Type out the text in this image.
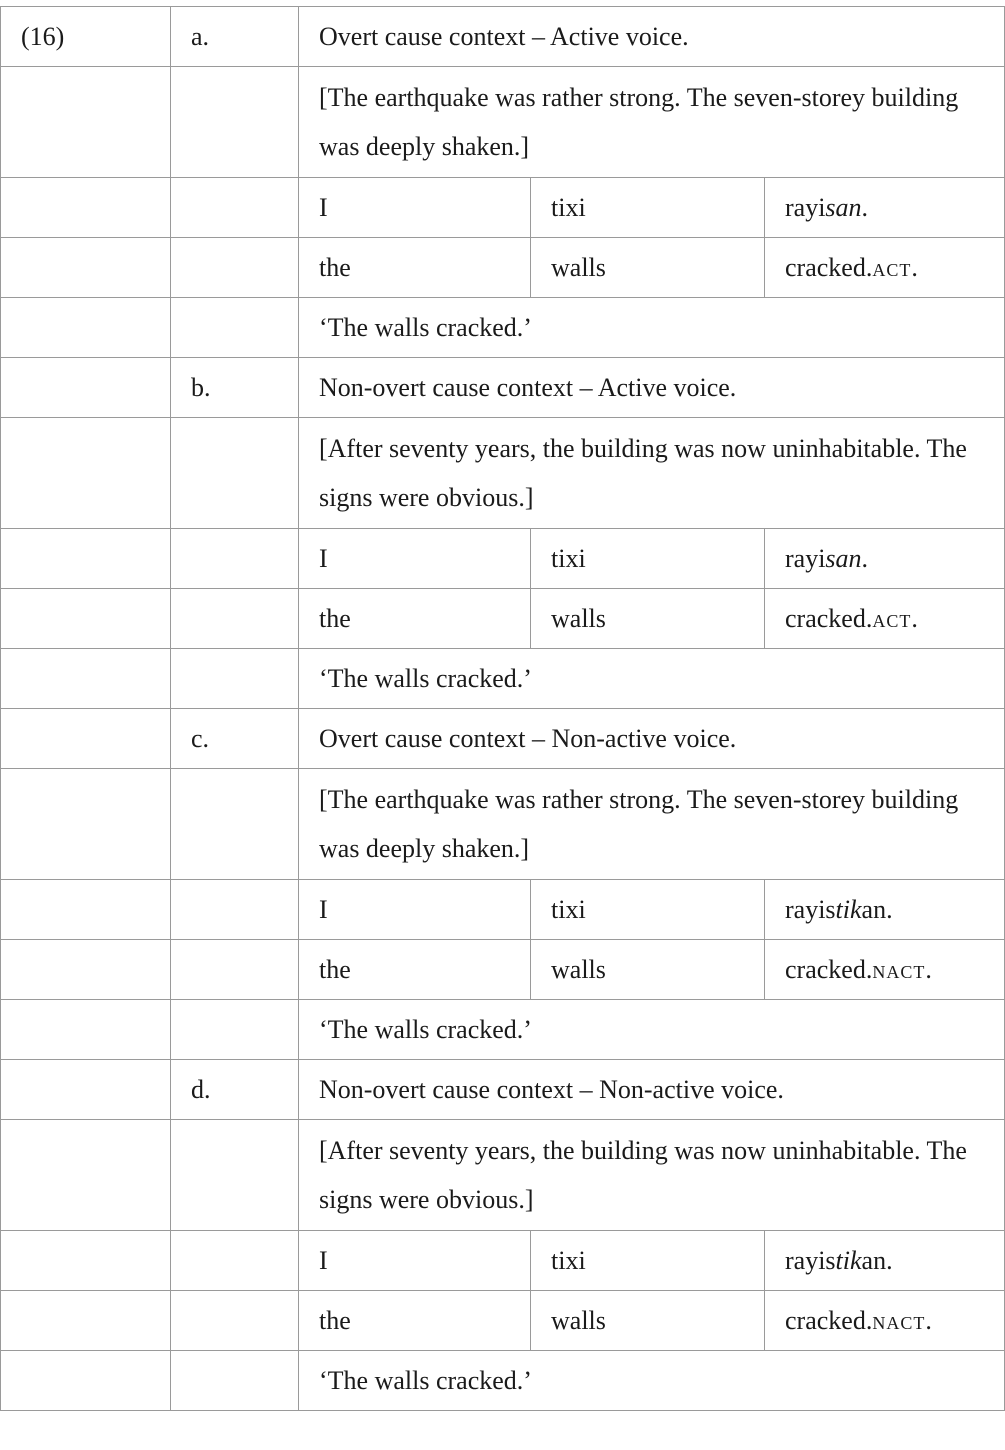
(16)	a.	Overt cause context – Active voice.		
		[The earthquake was rather strong. The seven-storey building was deeply shaken.]		
		I	tixi	rayisan.
		the	walls	cracked.act.
		‘The walls cracked.’		
	b.	Non-overt cause context – Active voice.		
		[After seventy years, the building was now uninhabitable. The signs were obvious.]		
		I	tixi	rayisan.
		the	walls	cracked.act.
		‘The walls cracked.’		
	c.	Overt cause context – Non-active voice.		
		[The earthquake was rather strong. The seven-storey building was deeply shaken.]		
		I	tixi	rayistikan.
		the	walls	cracked.nact.
		‘The walls cracked.’		
	d.	Non-overt cause context – Non-active voice.		
		[After seventy years, the building was now uninhabitable. The signs were obvious.]		
		I	tixi	rayistikan.
		the	walls	cracked.nact.
		‘The walls cracked.’		
